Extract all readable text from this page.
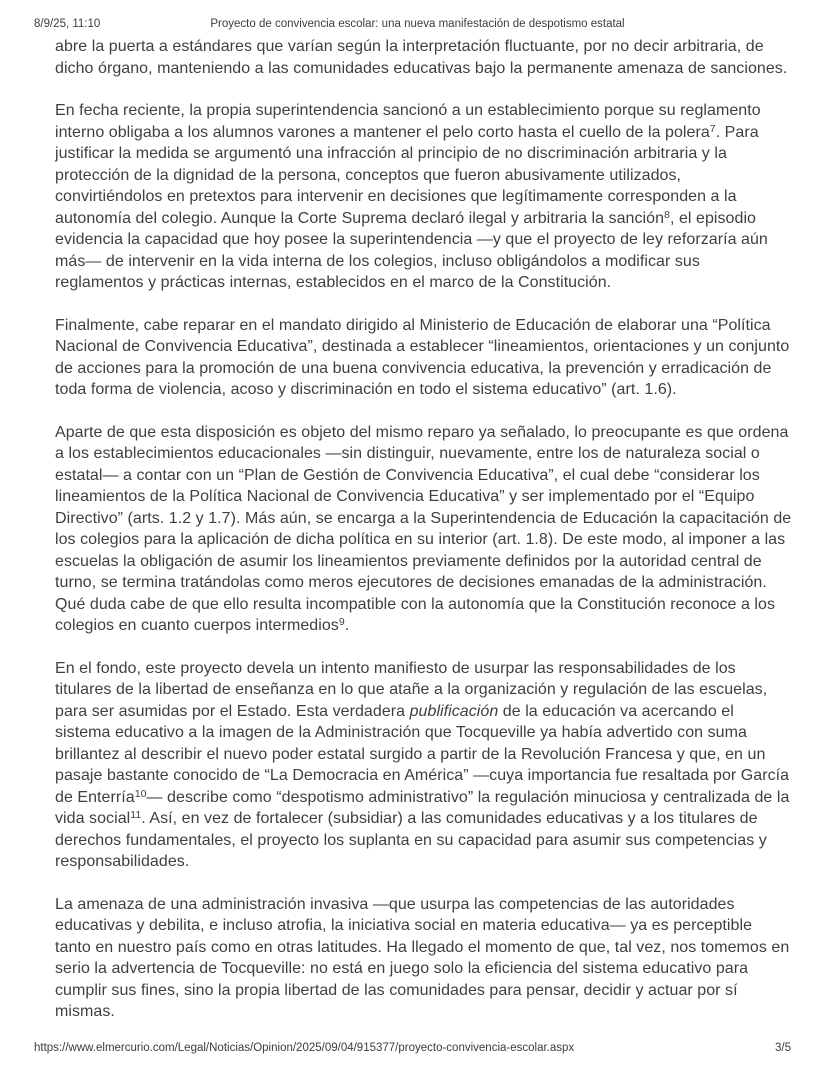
8/9/25, 11:10	Proyecto de convivencia escolar: una nueva manifestación de despotismo estatal

abre la puerta a estándares que varían según la interpretación fluctuante, por no decir arbitraria, de dicho órgano, manteniendo a las comunidades educativas bajo la permanente amenaza de sanciones.

En fecha reciente, la propia superintendencia sancionó a un establecimiento porque su reglamento interno obligaba a los alumnos varones a mantener el pelo corto hasta el cuello de la polera$^7$. Para justificar la medida se argumentó una infracción al principio de no discriminación arbitraria y la protección de la dignidad de la persona, conceptos que fueron abusivamente utilizados, convirtiéndolos en pretextos para intervenir en decisiones que legítimamente corresponden a la autonomía del colegio. Aunque la Corte Suprema declaró ilegal y arbitraria la sanción$^8$, el episodio evidencia la capacidad que hoy posee la superintendencia —y que el proyecto de ley reforzaría aún más— de intervenir en la vida interna de los colegios, incluso obligándolos a modificar sus reglamentos y prácticas internas, establecidos en el marco de la Constitución.

Finalmente, cabe reparar en el mandato dirigido al Ministerio de Educación de elaborar una “Política Nacional de Convivencia Educativa”, destinada a establecer “lineamientos, orientaciones y un conjunto de acciones para la promoción de una buena convivencia educativa, la prevención y erradicación de toda forma de violencia, acoso y discriminación en todo el sistema educativo” (art. 1.6).

Aparte de que esta disposición es objeto del mismo reparo ya señalado, lo preocupante es que ordena a los establecimientos educacionales —sin distinguir, nuevamente, entre los de naturaleza social o estatal— a contar con un “Plan de Gestión de Convivencia Educativa”, el cual debe “considerar los lineamientos de la Política Nacional de Convivencia Educativa” y ser implementado por el “Equipo Directivo” (arts. 1.2 y 1.7). Más aún, se encarga a la Superintendencia de Educación la capacitación de los colegios para la aplicación de dicha política en su interior (art. 1.8). De este modo, al imponer a las escuelas la obligación de asumir los lineamientos previamente definidos por la autoridad central de turno, se termina tratándolas como meros ejecutores de decisiones emanadas de la administración. Qué duda cabe de que ello resulta incompatible con la autonomía que la Constitución reconoce a los colegios en cuanto cuerpos intermedios$^9$.

En el fondo, este proyecto devela un intento manifiesto de usurpar las responsabilidades de los titulares de la libertad de enseñanza en lo que atañe a la organización y regulación de las escuelas, para ser asumidas por el Estado. Esta verdadera publificación de la educación va acercando el sistema educativo a la imagen de la Administración que Tocqueville ya había advertido con suma brillantez al describir el nuevo poder estatal surgido a partir de la Revolución Francesa y que, en un pasaje bastante conocido de “La Democracia en América” —cuya importancia fue resaltada por García de Enterría$^{10}$— describe como “despotismo administrativo” la regulación minuciosa y centralizada de la vida social$^{11}$. Así, en vez de fortalecer (subsidiar) a las comunidades educativas y a los titulares de derechos fundamentales, el proyecto los suplanta en su capacidad para asumir sus competencias y responsabilidades.

La amenaza de una administración invasiva —que usurpa las competencias de las autoridades educativas y debilita, e incluso atrofia, la iniciativa social en materia educativa— ya es perceptible tanto en nuestro país como en otras latitudes. Ha llegado el momento de que, tal vez, nos tomemos en serio la advertencia de Tocqueville: no está en juego solo la eficiencia del sistema educativo para cumplir sus fines, sino la propia libertad de las comunidades para pensar, decidir y actuar por sí mismas.

https://www.elmercurio.com/Legal/Noticias/Opinion/2025/09/04/915377/proyecto-convivencia-escolar.aspx	3/5
